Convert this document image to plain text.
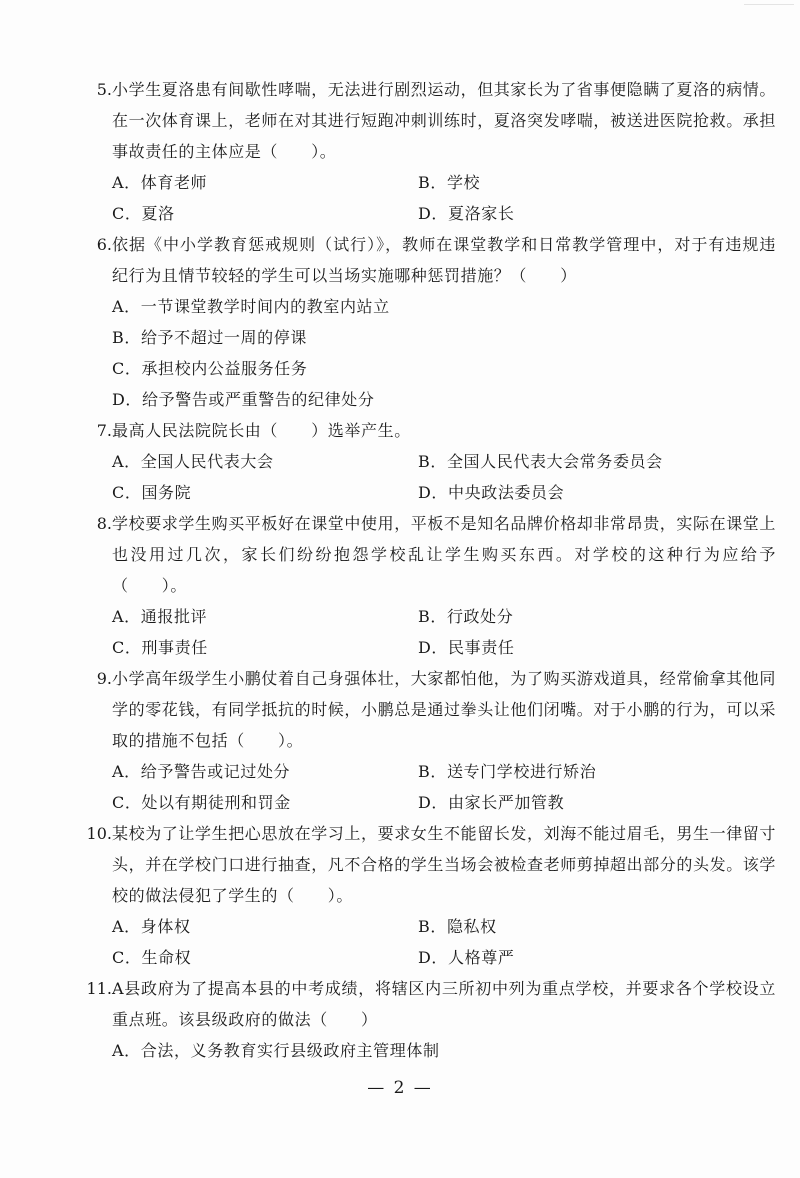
5. 小学生夏洛患有间歇性哮喘，无法进行剧烈运动，但其家长为了省事便隐瞒了夏洛的病情。在一次体育课上，老师在对其进行短跑冲刺训练时，夏洛突发哮喘，被送进医院抢救。承担事故责任的主体应是（　　）。
A．体育老师	B．学校
C．夏洛	D．夏洛家长
6. 依据《中小学教育惩戒规则（试行）》，教师在课堂教学和日常教学管理中，对于有违规违纪行为且情节较轻的学生可以当场实施哪种惩罚措施？（　　）
A．一节课堂教学时间内的教室内站立
B．给予不超过一周的停课
C．承担校内公益服务任务
D．给予警告或严重警告的纪律处分
7. 最高人民法院院长由（　　）选举产生。
A．全国人民代表大会	B．全国人民代表大会常务委员会
C．国务院	D．中央政法委员会
8. 学校要求学生购买平板好在课堂中使用，平板不是知名品牌价格却非常昂贵，实际在课堂上也没用过几次，家长们纷纷抱怨学校乱让学生购买东西。对学校的这种行为应给予（　　）。
A．通报批评	B．行政处分
C．刑事责任	D．民事责任
9. 小学高年级学生小鹏仗着自己身强体壮，大家都怕他，为了购买游戏道具，经常偷拿其他同学的零花钱，有同学抵抗的时候，小鹏总是通过拳头让他们闭嘴。对于小鹏的行为，可以采取的措施不包括（　　）。
A．给予警告或记过处分	B．送专门学校进行矫治
C．处以有期徒刑和罚金	D．由家长严加管教
10. 某校为了让学生把心思放在学习上，要求女生不能留长发，刘海不能过眉毛，男生一律留寸头，并在学校门口进行抽查，凡不合格的学生当场会被检查老师剪掉超出部分的头发。该学校的做法侵犯了学生的（　　）。
A．身体权	B．隐私权
C．生命权	D．人格尊严
11. A县政府为了提高本县的中考成绩，将辖区内三所初中列为重点学校，并要求各个学校设立重点班。该县级政府的做法（　　）
A．合法，义务教育实行县级政府主管理体制
— 2 —
